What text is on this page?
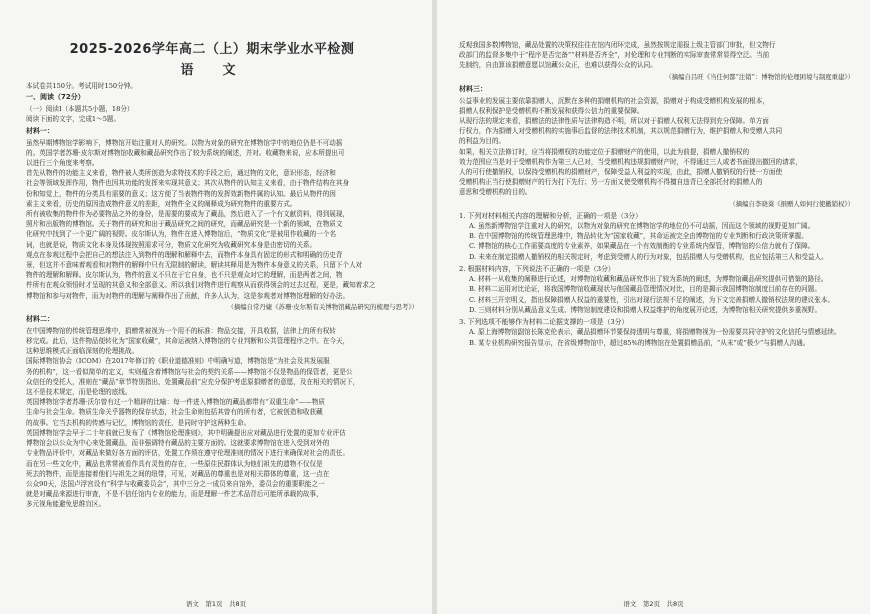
2025-2026学年高二（上）期末学业水平检测
语　文

本试卷共150分。考试用时150分钟。

一、阅读（72分）

（一）阅读Ⅰ（本题共5小题，18分）

阅读下面的文字，完成1～5题。

材料一：

虽然早期博物馆学影响下，博物馆开始注重对人的研究。以物为对象的研究在博物馆学中的地位仍是不可动摇

的。英国学者苏珊·皮尔斯对博物馆收藏和藏品研究作出了较为系统的阐述，并对。收藏物来说，应本所提出可

以进行三个角度来考察。

首先从物件的功能主义来看，物件被人类所创造为求特技术的手段之后，通过物的文化，意识形态，经济和

社会等领域发挥作用，物件也因其功能的发挥来实现其意义；其次从物件的认知主义来看，由于物件结构在其身

份和知觉上，物件的分类具有需要的意义；这方便了当表物件物的发挥效新物件属的认知。最后从物件的因

素主义来看，历史的原因造成物件意义的差距，对物件全义的阐释成为研究物件的重要方式。

所有被收集的物件作为必要物品之外的身份，是需要的要成为了藏品，然后进入了一个有文献资料，得到展现，

照片和出版物的博物馆。关于物件的研究和出于藏品研究之间的研究，而藏品研究是一个新的领域，在物质文

化研究中找到了一个更广阔的视野。皮尔斯认为，物件在进入博物馆后，“物质文化”是被用作收藏的一个名

词，也就是说，物质文化本身及体现按照需求可分，物质文化研究为收藏研究本身是由密切的关系。

观点在参观过程中会把自己的想法注入到物件的理解和解释中去，而物件本身具有固定的形式和明确的历史背

景，但这并不意味着观看和对物件的解释中只有无限制的解读，解读其释用是为物件本身意义的关系，只留下个人对

物件的理解和解释。皮尔斯认为，物件的意义不只在于它自身，也不只是观众对它的理解，而是两者之间，物

件所有在观众领悟时才呈现的其意义和全部意义。所以我们对物件进行观察从而获得领会的过去过程，更是，藏知着求之

博物馆和参与对物件，而为对物件的理解与阐释作出了贡献，许多人认为，这是参观者对博物馆理解的好办法。

（摘编自常丹婕《苏珊·皮尔斯有关博物馆藏品研究的梳理与思考》）
材料二：

在中国博物馆的传统管理思维中，捐赠常被视为一个用不的标准：物品交接，开具收据，法律上的所有权转

移完成。此后，这件物品便转化为“国家收藏”，其命运被纳入博物馆的专业判断和公共管理程序之中。在今天，

这种思维模式正面临深刻的伦理挑战。

国际博物馆协会（ICOM）在2017年修订的《职业道德准则》中明确写道，博物馆是“为社会及其发展服

务的机构”，这一看似简单的定义，实则蕴含着博物馆与社会的契约关系——博物馆不仅是物品的保管者，更是公

众信任的受托人，准则在“藏品”章节特别指出，处置藏品前“应充分保护考虑原捐赠者的意愿，及在相关的情况下，

这不是技术规定，而是伦理的底线。

英国博物馆学者苏珊·沃尔曾有过一个精辟的比喻：每一件进入博物馆的藏品都带有“双重生命”——物质

生命与社会生命。物质生命关乎器物的保存状态，社会生命则包括其曾有的所有者，它被创造和收获藏

的故事。它当去机构的传感与记忆，博物馆的责任，是同时守护这两种生命。

英国博物馆学会早于二十年前就已发布了《博物馆伦理准则》，其中明确提出应对藏品进行处置的更加专业评估

博物馆会以公众为中心来处置藏品，而非强调特有藏品的主要方面的。这就要求博物馆在进入受到对外的

专业物品评价中，对藏品来做好各方面的评估，处置工作须在遵守伦理准则的情况下进行来确保对社会的责任。

而在另一些文化中，藏品也常常被看作具有灵性的存在，一些原住民群体认为他们祖先的遗物不仅仅是

死去的物件，而是连接着他们与祖先之间的纽带，可见，对藏品的尊重也是对相关群体的尊重，这一点在

公众90天，法国卢浮宫设有“科学与收藏委员会”，其中三分之一成员来自馆外，委员会的重要职能之一

就是对藏品来源进行审查，不是不信任馆内专业的能力，而是理解一件艺术品背后可能所承载的故事，

多元视角能避免思维盲区。

语文　第1页　共8页

反观我国多数博物馆，藏品处置的决策权往往在馆内闭环完成，虽然按规定需报上级主管部门审批，但文物行

政部门的监督多集中于“程序是否完备”“材料是否齐全”，对伦理和专业判断的实际审查常常显得空泛。当前

先制约，自由算该捐赠意愿以馆藏公众正，也难以获得公众的认同。

（摘编自吕旺《当任何都“注销”：博物馆的伦理困境与制度重建》）
材料三：

公益事业的发展主要依靠捐赠人，沉默在多种的捐赠机构的社会资源，捐赠对于构成受赠机构发展的根本，

捐赠人权利保护是受赠机构不断发展和获得公信力的重要保障。

从现行法的规定来看，捐赠法的法律性质与法律构造不明，所以对于捐赠人权利无法得到充分保障。单方面

行权力，作为捐赠人对受赠机构的实施事后监督的法律技术机制，其以规范捐赠行为，维护捐赠人和受赠人共同

的利益为目的。

如果，相关立法修订时，应当将捐赠权的功能定位于捐赠财产的使用，以此为前提，捐赠人撤销权的

效力范围应当是对于受赠机构作为第三人已对，当受赠机构违规捐赠财产时，不得通过三人或者书面提出撤回的请求，

人的可行使撤销权，以保持受赠机构的捐赠财产，保障受益人利益的实现，由此，捐赠人撤销权的行使一方面使

受赠机构正当行使捐赠财产的行为打下先行；另一方面又使受赠机构不得擅自违背已全部托付的捐赠人的

意思和受赠机构的目的。

（摘编自李晓葵《捐赠人如何行使撤销权》）
1. 下列对材料相关内容的理解和分析，正确的一项是（3分）
A. 虽然新博物馆学注重对人的研究，以物为对象的研究在博物馆学的地位仍不可动摇，因而这个领域的视野更加广阔。
B. 在中国博物馆的传统管理思维中，物品转化为“国家收藏”，其命运被完全由博物馆的专业判断和行政决策所掌握。
C. 博物馆的核心工作需要高度的专业素养，如果藏品在一个有效制衡的专业系统内保管，博物馆的公信力就有了保障。
D. 未来在制定捐赠人撤销权的相关规定时，考虑到受赠人的行为对象，包括捐赠人与受赠机构，也应包括第三人和受益人。
2. 根据材料内容，下列说法不正确的一项是（3分）
A. 材料一从收集的阐释进行论述，对博物馆收藏和藏品研究作出了较为系统的阐述，为博物馆藏品研究提供可借鉴的路径。
B. 材料二运用对比论证，将我国博物馆收藏现状与他国藏品管理情况对比，目的是揭示我国博物馆制度目前存在的问题。
C. 材料三开宗明义，指出保障捐赠人权益的重要性，引出对现行法规不足的阐述，为下文完善捐赠人撤销权法规的建议张本。
D. 三则材料分别从藏品意义生成、博物馆制度建设和捐赠人权益维护的角度展开论述，为博物馆相关研究提供多重视野。
3. 下列选项不能够作为材料二论据支撑的一项是（3分）
A. 原上海博物馆副馆长陈克伦表示，藏品捐赠环节要保持透明与尊重，将捐赠物视为一份需要共同守护的文化信托与情感延续。
B. 某专业机构研究报告显示，在省级博物馆中，超过85%的博物馆在处置捐赠品前，“从未”或“极少”与捐赠人沟通。
语文　第2页　共8页
